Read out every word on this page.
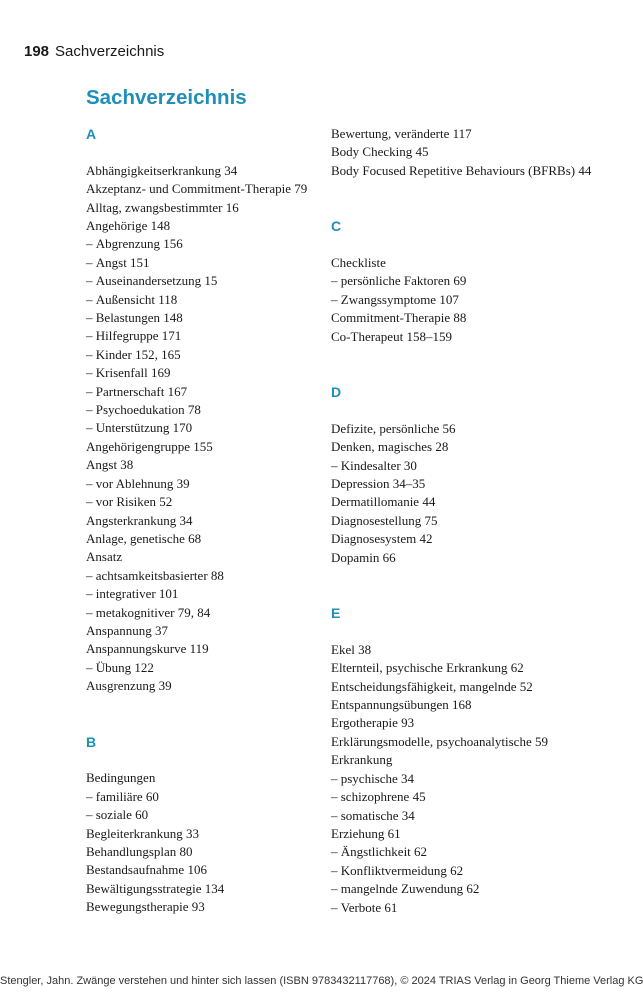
198 Sachverzeichnis
Sachverzeichnis
A
Abhängigkeitserkrankung 34
Akzeptanz- und Commitment-Therapie 79
Alltag, zwangsbestimmter 16
Angehörige 148
– Abgrenzung 156
– Angst 151
– Auseinandersetzung 15
– Außensicht 118
– Belastungen 148
– Hilfegruppe 171
– Kinder 152, 165
– Krisenfall 169
– Partnerschaft 167
– Psychoedukation 78
– Unterstützung 170
Angehörigengruppe 155
Angst 38
– vor Ablehnung 39
– vor Risiken 52
Angsterkrankung 34
Anlage, genetische 68
Ansatz
– achtsamkeitsbasierter 88
– integrativer 101
– metakognitiver 79, 84
Anspannung 37
Anspannungskurve 119
– Übung 122
Ausgrenzung 39
B
Bedingungen
– familiäre 60
– soziale 60
Begleiterkrankung 33
Behandlungsplan 80
Bestandsaufnahme 106
Bewältigungsstrategie 134
Bewegungstherapie 93
Bewertung, veränderte 117
Body Checking 45
Body Focused Repetitive Behaviours (BFRBs) 44
C
Checkliste
– persönliche Faktoren 69
– Zwangssymptome 107
Commitment-Therapie 88
Co-Therapeut 158–159
D
Defizite, persönliche 56
Denken, magisches 28
– Kindesalter 30
Depression 34–35
Dermatillomanie 44
Diagnosestellung 75
Diagnosesystem 42
Dopamin 66
E
Ekel 38
Elternteil, psychische Erkrankung 62
Entscheidungsfähigkeit, mangelnde 52
Entspannungsübungen 168
Ergotherapie 93
Erklärungsmodelle, psychoanalytische 59
Erkrankung
– psychische 34
– schizophrene 45
– somatische 34
Erziehung 61
– Ängstlichkeit 62
– Konfliktvermeidung 62
– mangelnde Zuwendung 62
– Verbote 61
Stengler, Jahn. Zwänge verstehen und hinter sich lassen (ISBN 9783432117768), © 2024 TRIAS Verlag in Georg Thieme Verlag KG
